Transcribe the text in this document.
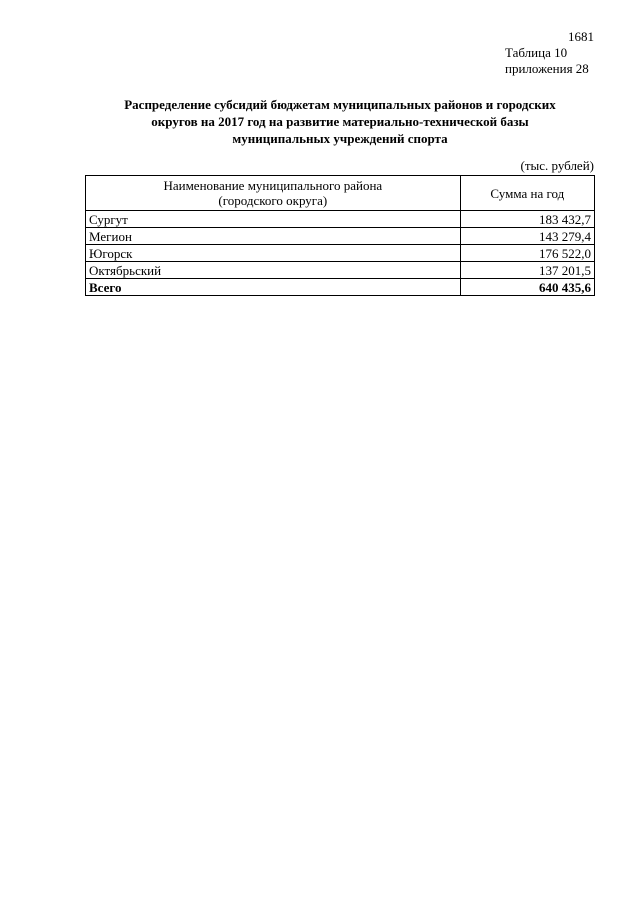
1681
Таблица 10
приложения 28
Распределение субсидий бюджетам муниципальных районов и городских
округов на 2017 год на развитие материально-технической базы
муниципальных учреждений спорта
(тыс. рублей)
Наименование муниципального района
(городского округа)	Сумма на год
Сургут	183 432,7
Мегион	143 279,4
Югорск	176 522,0
Октябрьский	137 201,5
Всего	640 435,6
